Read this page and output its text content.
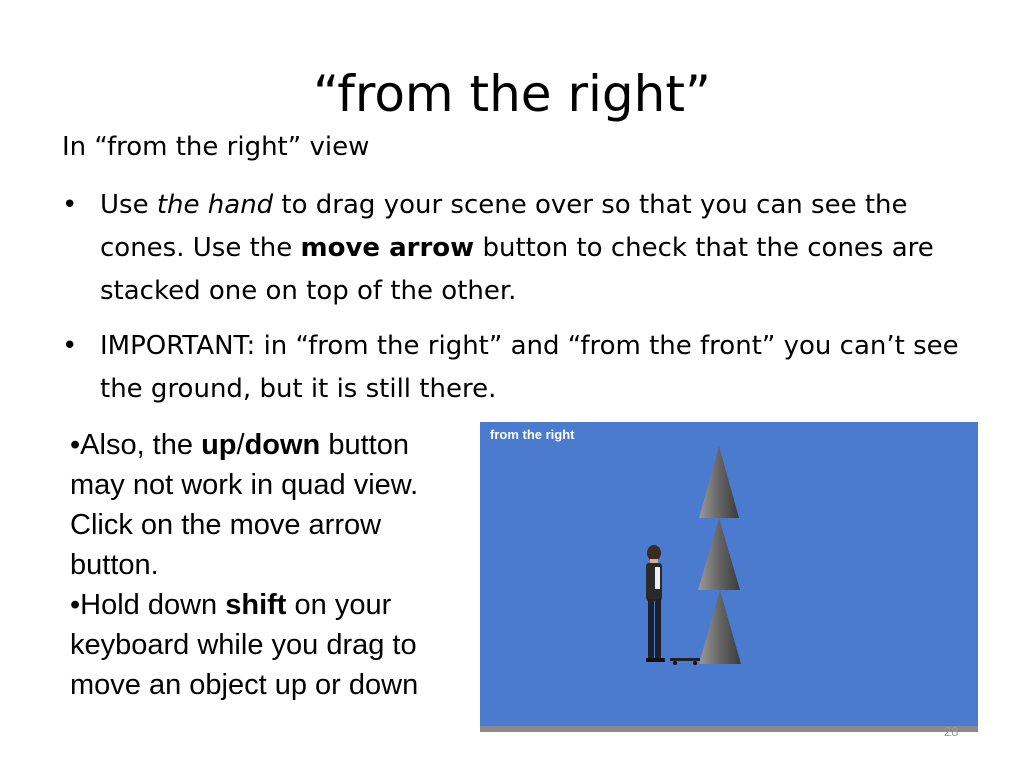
“from the right”

In “from the right” view

• Use the hand to drag your scene over so that you can see the cones. Use the move arrow button to check that the cones are stacked one on top of the other.
• IMPORTANT: in “from the right” and “from the front” you can’t see the ground, but it is still there.
•Also, the up/down button may not work in quad view. Click on the move arrow button.
•Hold down shift on your keyboard while you drag to move an object up or down
from the right
28
